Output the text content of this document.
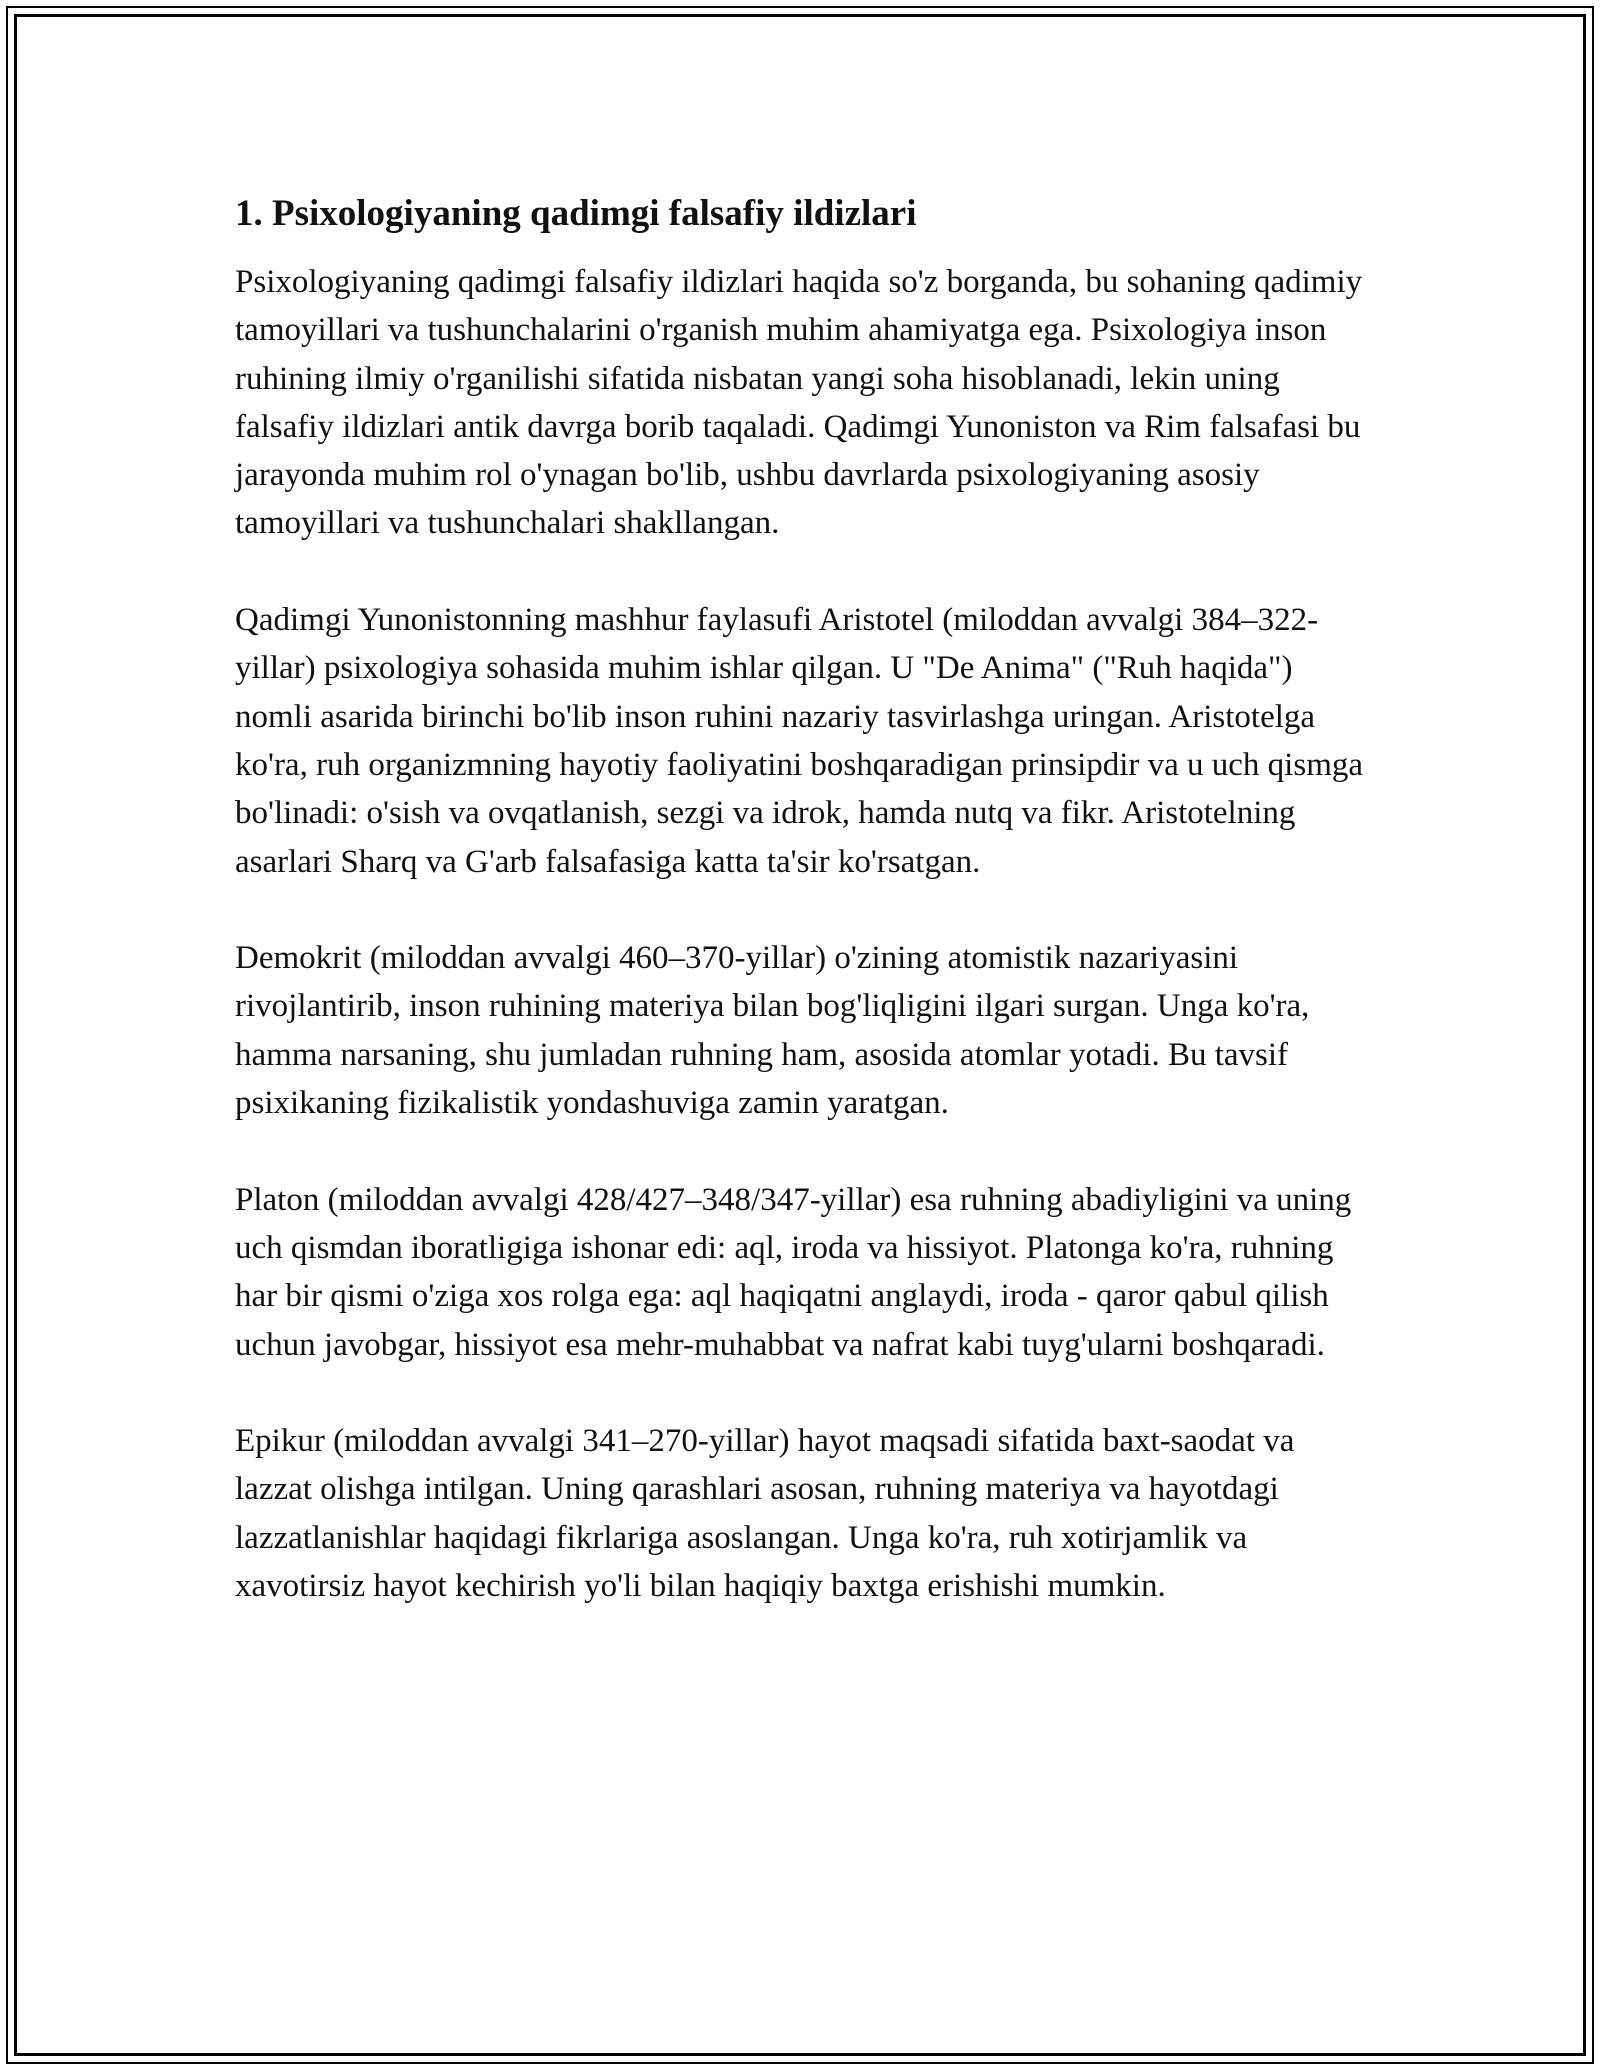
1. Psixologiyaning qadimgi falsafiy ildizlari

Psixologiyaning qadimgi falsafiy ildizlari haqida so'z borganda, bu sohaning qadimiy tamoyillari va tushunchalarini o'rganish muhim ahamiyatga ega. Psixologiya inson ruhining ilmiy o'rganilishi sifatida nisbatan yangi soha hisoblanadi, lekin uning falsafiy ildizlari antik davrga borib taqaladi. Qadimgi Yunoniston va Rim falsafasi bu jarayonda muhim rol o'ynagan bo'lib, ushbu davrlarda psixologiyaning asosiy tamoyillari va tushunchalari shakllangan.

Qadimgi Yunonistonning mashhur faylasufi Aristotel (miloddan avvalgi 384–322-yillar) psixologiya sohasida muhim ishlar qilgan. U "De Anima" ("Ruh haqida") nomli asarida birinchi bo'lib inson ruhini nazariy tasvirlashga uringan. Aristotelga ko'ra, ruh organizmning hayotiy faoliyatini boshqaradigan prinsipdir va u uch qismga bo'linadi: o'sish va ovqatlanish, sezgi va idrok, hamda nutq va fikr. Aristotelning asarlari Sharq va G'arb falsafasiga katta ta'sir ko'rsatgan.

Demokrit (miloddan avvalgi 460–370-yillar) o'zining atomistik nazariyasini rivojlantirib, inson ruhining materiya bilan bog'liqligini ilgari surgan. Unga ko'ra, hamma narsaning, shu jumladan ruhning ham, asosida atomlar yotadi. Bu tavsif psixikaning fizikalistik yondashuviga zamin yaratgan.

Platon (miloddan avvalgi 428/427–348/347-yillar) esa ruhning abadiyligini va uning uch qismdan iboratligiga ishonar edi: aql, iroda va hissiyot. Platonga ko'ra, ruhning har bir qismi o'ziga xos rolga ega: aql haqiqatni anglaydi, iroda - qaror qabul qilish uchun javobgar, hissiyot esa mehr-muhabbat va nafrat kabi tuyg'ularni boshqaradi.

Epikur (miloddan avvalgi 341–270-yillar) hayot maqsadi sifatida baxt-saodat va lazzat olishga intilgan. Uning qarashlari asosan, ruhning materiya va hayotdagi lazzatlanishlar haqidagi fikrlariga asoslangan. Unga ko'ra, ruh xotirjamlik va xavotirsiz hayot kechirish yo'li bilan haqiqiy baxtga erishishi mumkin.
